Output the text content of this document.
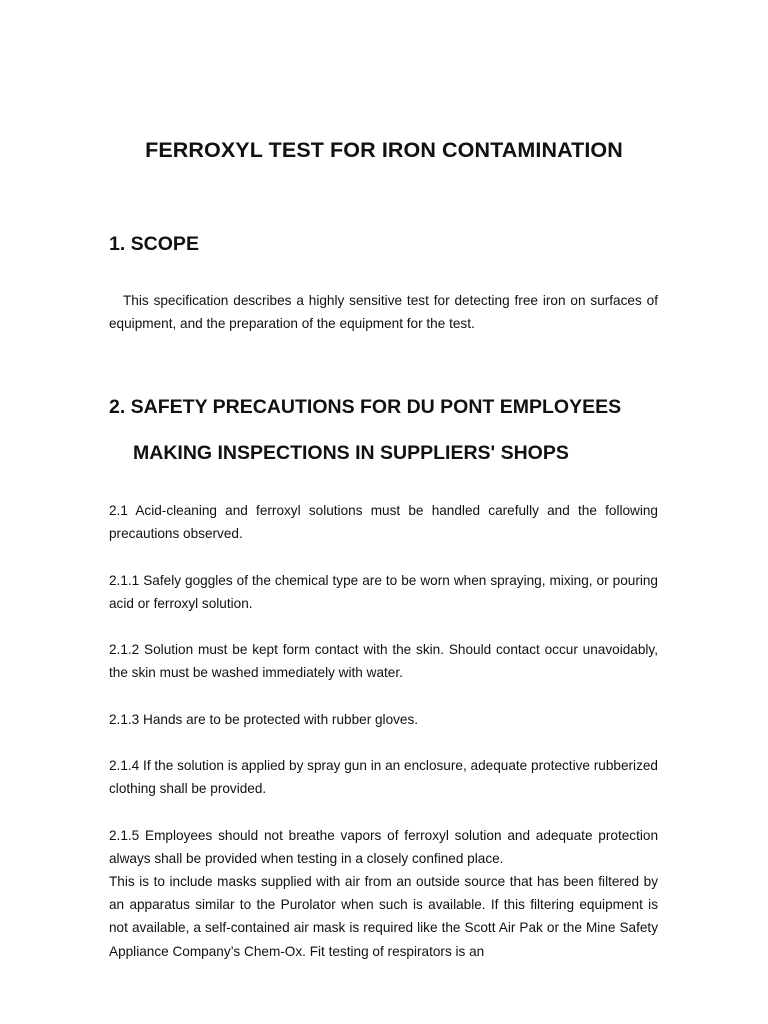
FERROXYL TEST FOR IRON CONTAMINATION
1. SCOPE
This specification describes a highly sensitive test for detecting free iron on surfaces of equipment, and the preparation of the equipment for the test.
2. SAFETY PRECAUTIONS FOR DU PONT EMPLOYEES
MAKING INSPECTIONS IN SUPPLIERS' SHOPS
2.1 Acid-cleaning and ferroxyl solutions must be handled carefully and the following precautions observed.
2.1.1 Safely goggles of the chemical type are to be worn when spraying, mixing, or pouring acid or ferroxyl solution.
2.1.2 Solution must be kept form contact with the skin. Should contact occur unavoidably, the skin must be washed immediately with water.
2.1.3 Hands are to be protected with rubber gloves.
2.1.4 If the solution is applied by spray gun in an enclosure, adequate protective rubberized clothing shall be provided.
2.1.5 Employees should not breathe vapors of ferroxyl solution and adequate protection always shall be provided when testing in a closely confined place.
This is to include masks supplied with air from an outside source that has been filtered by an apparatus similar to the Purolator when such is available. If this filtering equipment is not available, a self-contained air mask is required like the Scott Air Pak or the Mine Safety Appliance Company’s Chem-Ox. Fit testing of respirators is an
